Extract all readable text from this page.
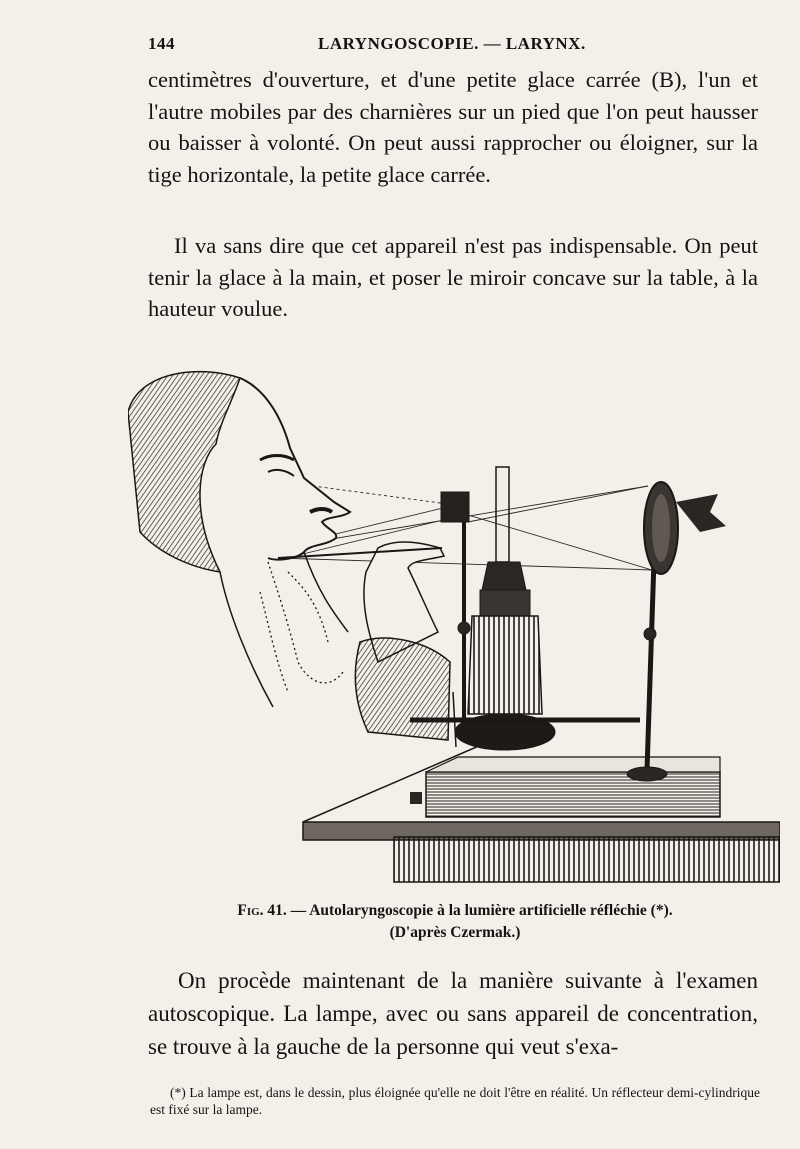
144	LARYNGOSCOPIE. — LARYNX.

centimètres d'ouverture, et d'une petite glace carrée (B), l'un et l'autre mobiles par des charnières sur un pied que l'on peut hausser ou baisser à volonté. On peut aussi rapprocher ou éloigner, sur la tige horizontale, la petite glace carrée.

Il va sans dire que cet appareil n'est pas indispensable. On peut tenir la glace à la main, et poser le miroir concave sur la table, à la hauteur voulue.

Fig. 41. — Autolaryngoscopie à la lumière artificielle réfléchie (*).
(D'après Czermak.)

On procède maintenant de la manière suivante à l'examen autoscopique. La lampe, avec ou sans appareil de concentration, se trouve à la gauche de la personne qui veut s'exa-

(*) La lampe est, dans le dessin, plus éloignée qu'elle ne doit l'être en réalité. Un réflecteur demi-cylindrique est fixé sur la lampe.
